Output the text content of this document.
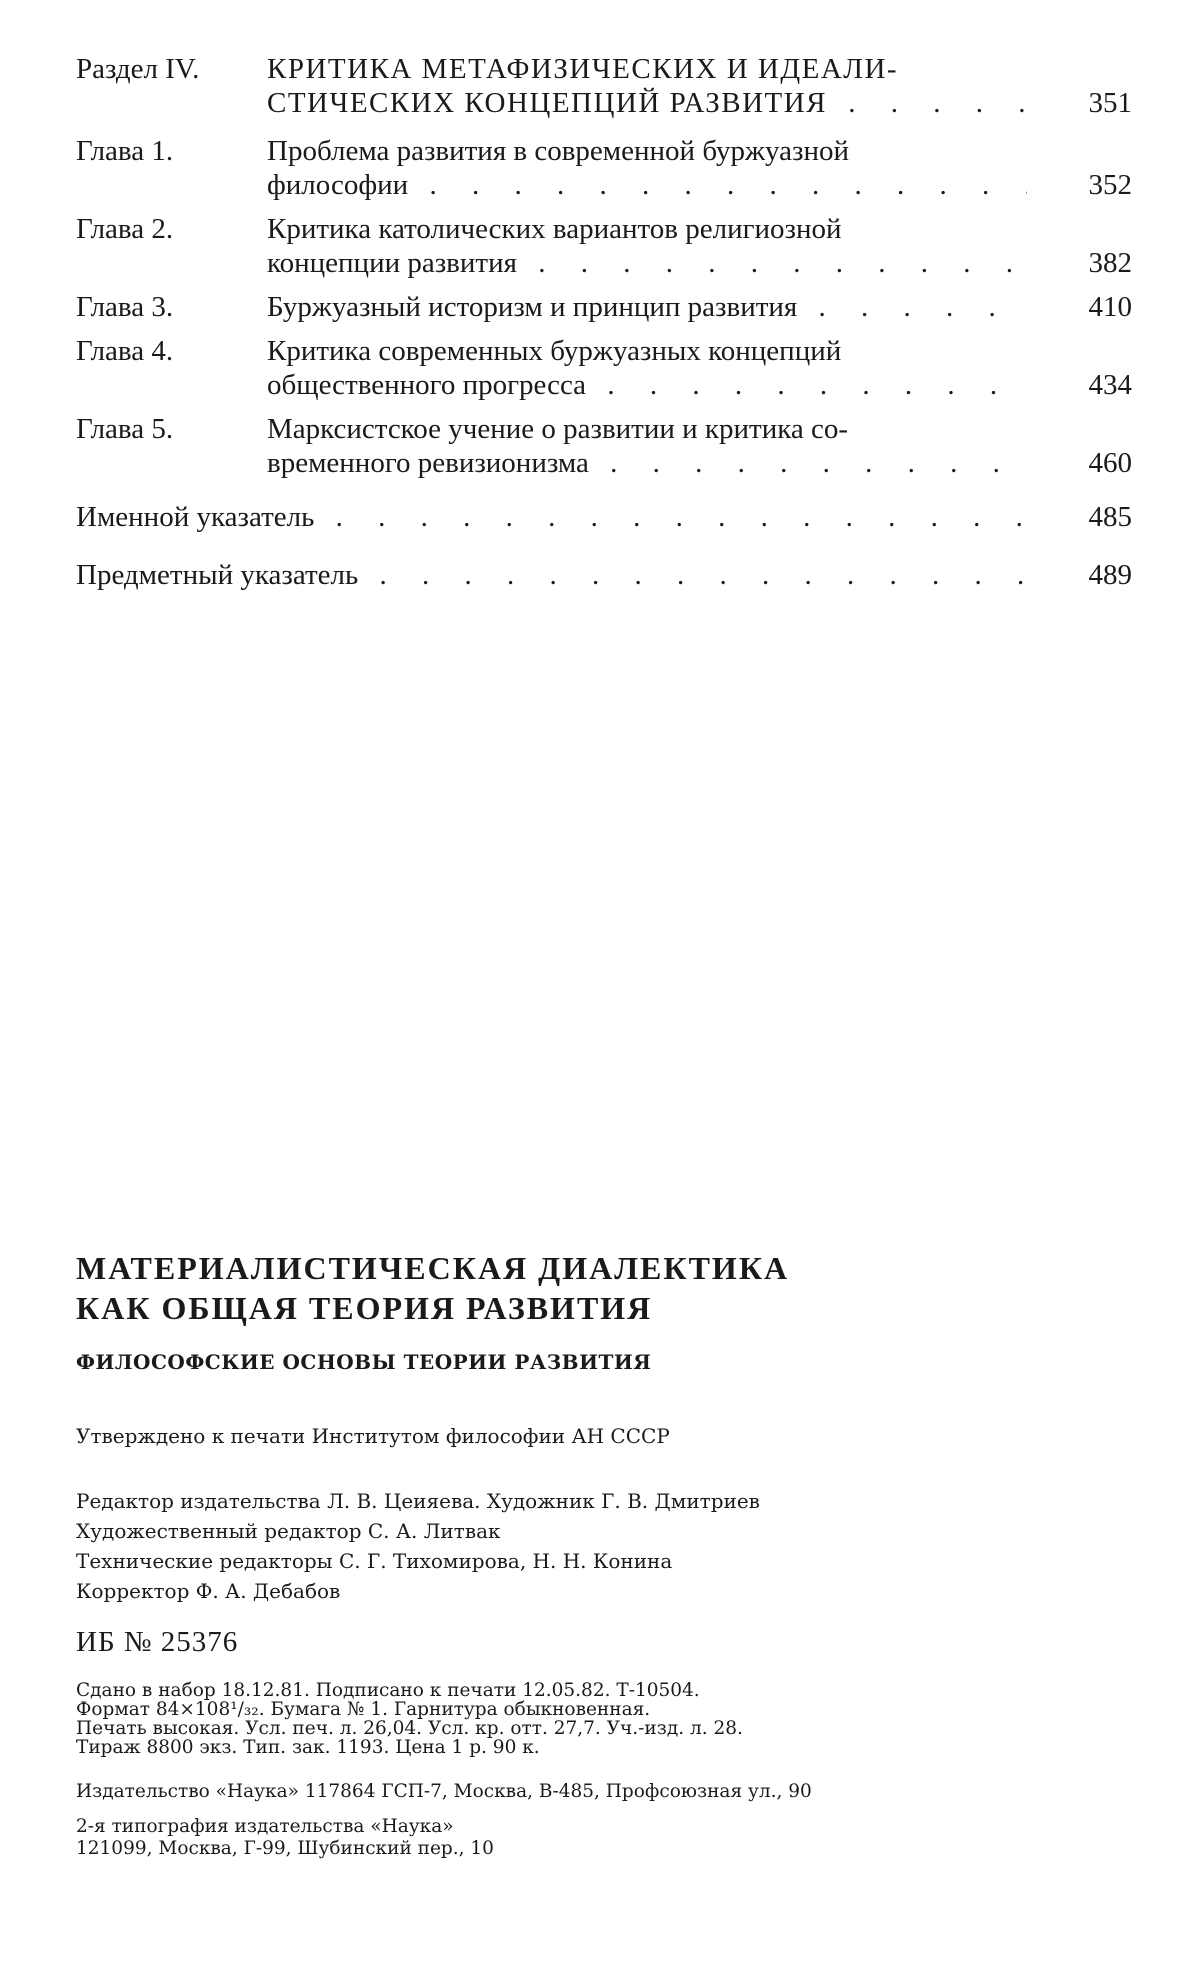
Раздел IV.	КРИТИКА МЕТАФИЗИЧЕСКИХ И ИДЕАЛИ-
СТИЧЕСКИХ КОНЦЕПЦИЙ РАЗВИТИЯ . . .	351
Глава 1.	Проблема развития в современной буржуазной
философии . . .	352
Глава 2.	Критика католических вариантов религиозной
концепции развития . . .	382
Глава 3.	Буржуазный историзм и принцип развития . . .	410
Глава 4.	Критика современных буржуазных концепций
общественного прогресса . . .	434
Глава 5.	Марксистское учение о развитии и критика со-
временного ревизионизма . . .	460
Именной указатель . . .	485
Предметный указатель . . .	489
МАТЕРИАЛИСТИЧЕСКАЯ ДИАЛЕКТИКА
КАК ОБЩАЯ ТЕОРИЯ РАЗВИТИЯ
ФИЛОСОФСКИЕ ОСНОВЫ ТЕОРИИ РАЗВИТИЯ
Утверждено к печати Институтом философии АН СССР
Редактор издательства Л. В. Цеияева. Художник Г. В. Дмитриев
Художественный редактор С. А. Литвак
Технические редакторы С. Г. Тихомирова, Н. Н. Конина
Корректор Ф. А. Дебабов
ИБ № 25376
Сдано в набор 18.12.81. Подписано к печати 12.05.82. Т-10504.
Формат 84×108¹/₃₂. Бумага № 1. Гарнитура обыкновенная.
Печать высокая. Усл. печ. л. 26,04. Усл. кр. отт. 27,7. Уч.-изд. л. 28.
Тираж 8800 экз. Тип. зак. 1193. Цена 1 р. 90 к.
Издательство «Наука» 117864 ГСП-7, Москва, В-485, Профсоюзная ул., 90
2-я типография издательства «Наука»
121099, Москва, Г-99, Шубинский пер., 10
